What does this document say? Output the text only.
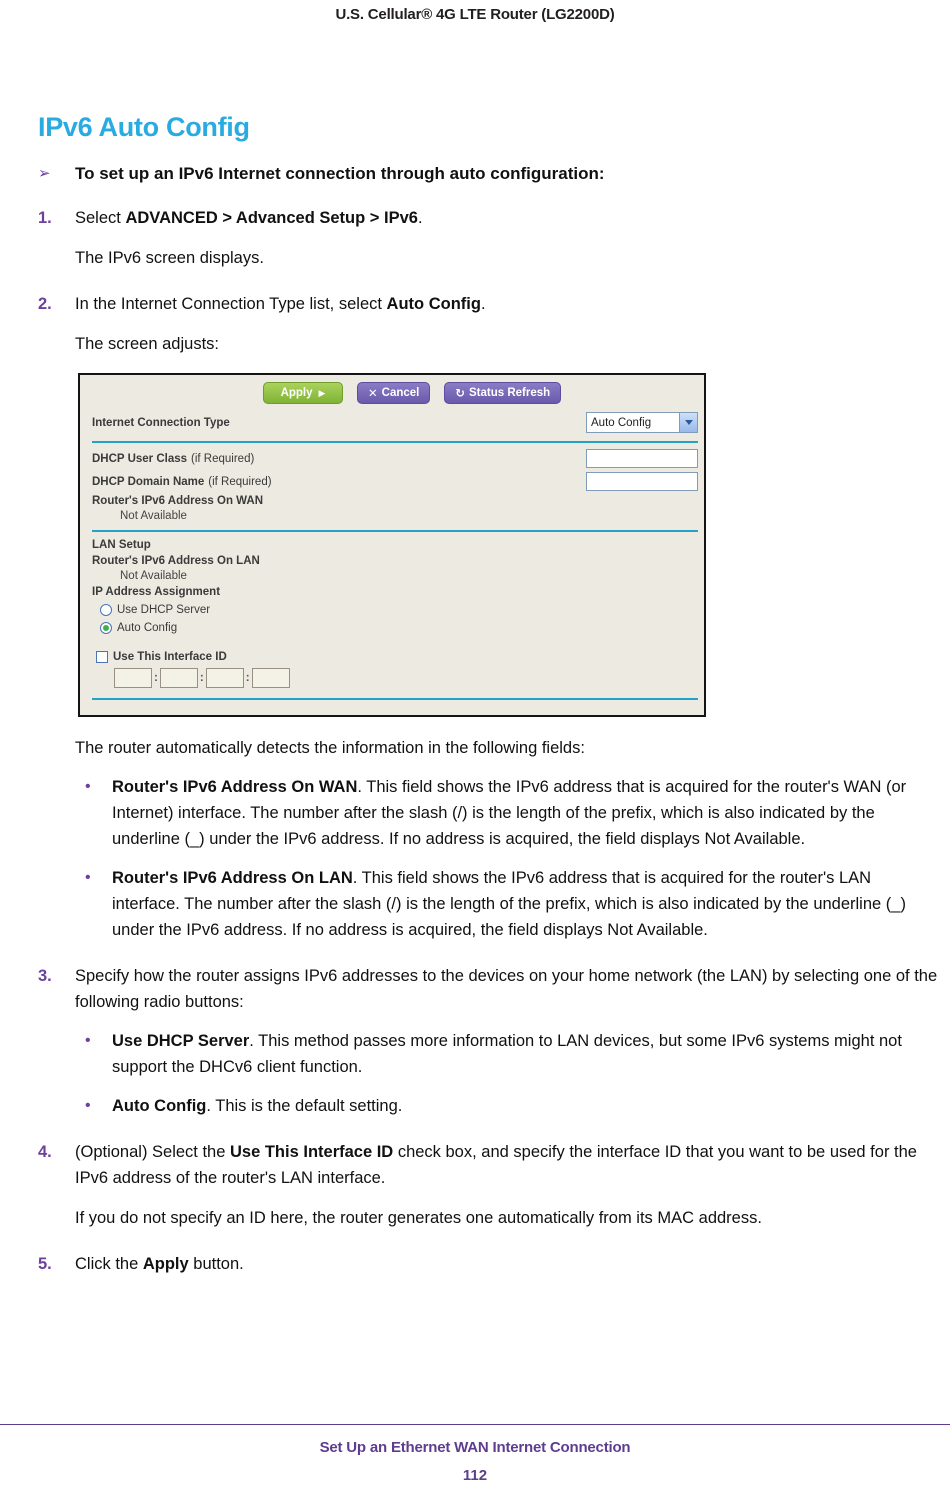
U.S. Cellular® 4G LTE Router (LG2200D)
IPv6 Auto Config
➢	To set up an IPv6 Internet connection through auto configuration:
1.	Select ADVANCED > Advanced Setup > IPv6.
The IPv6 screen displays.
2.	In the Internet Connection Type list, select Auto Config.
The screen adjusts:
Apply ▶	✕ Cancel	↻ Status Refresh
Internet Connection Type	Auto Config
DHCP User Class (if Required)
DHCP Domain Name (if Required)
Router's IPv6 Address On WAN
Not Available
LAN Setup
Router's IPv6 Address On LAN
Not Available
IP Address Assignment
Use DHCP Server
Auto Config
Use This Interface ID
:	:	:
The router automatically detects the information in the following fields:
•	Router's IPv6 Address On WAN. This field shows the IPv6 address that is acquired for the router's WAN (or Internet) interface. The number after the slash (/) is the length of the prefix, which is also indicated by the underline (_) under the IPv6 address. If no address is acquired, the field displays Not Available.
•	Router's IPv6 Address On LAN. This field shows the IPv6 address that is acquired for the router's LAN interface. The number after the slash (/) is the length of the prefix, which is also indicated by the underline (_) under the IPv6 address. If no address is acquired, the field displays Not Available.
3.	Specify how the router assigns IPv6 addresses to the devices on your home network (the LAN) by selecting one of the following radio buttons:
•	Use DHCP Server. This method passes more information to LAN devices, but some IPv6 systems might not support the DHCv6 client function.
•	Auto Config. This is the default setting.
4.	(Optional) Select the Use This Interface ID check box, and specify the interface ID that you want to be used for the IPv6 address of the router's LAN interface.
If you do not specify an ID here, the router generates one automatically from its MAC address.
5.	Click the Apply button.
Set Up an Ethernet WAN Internet Connection
112
